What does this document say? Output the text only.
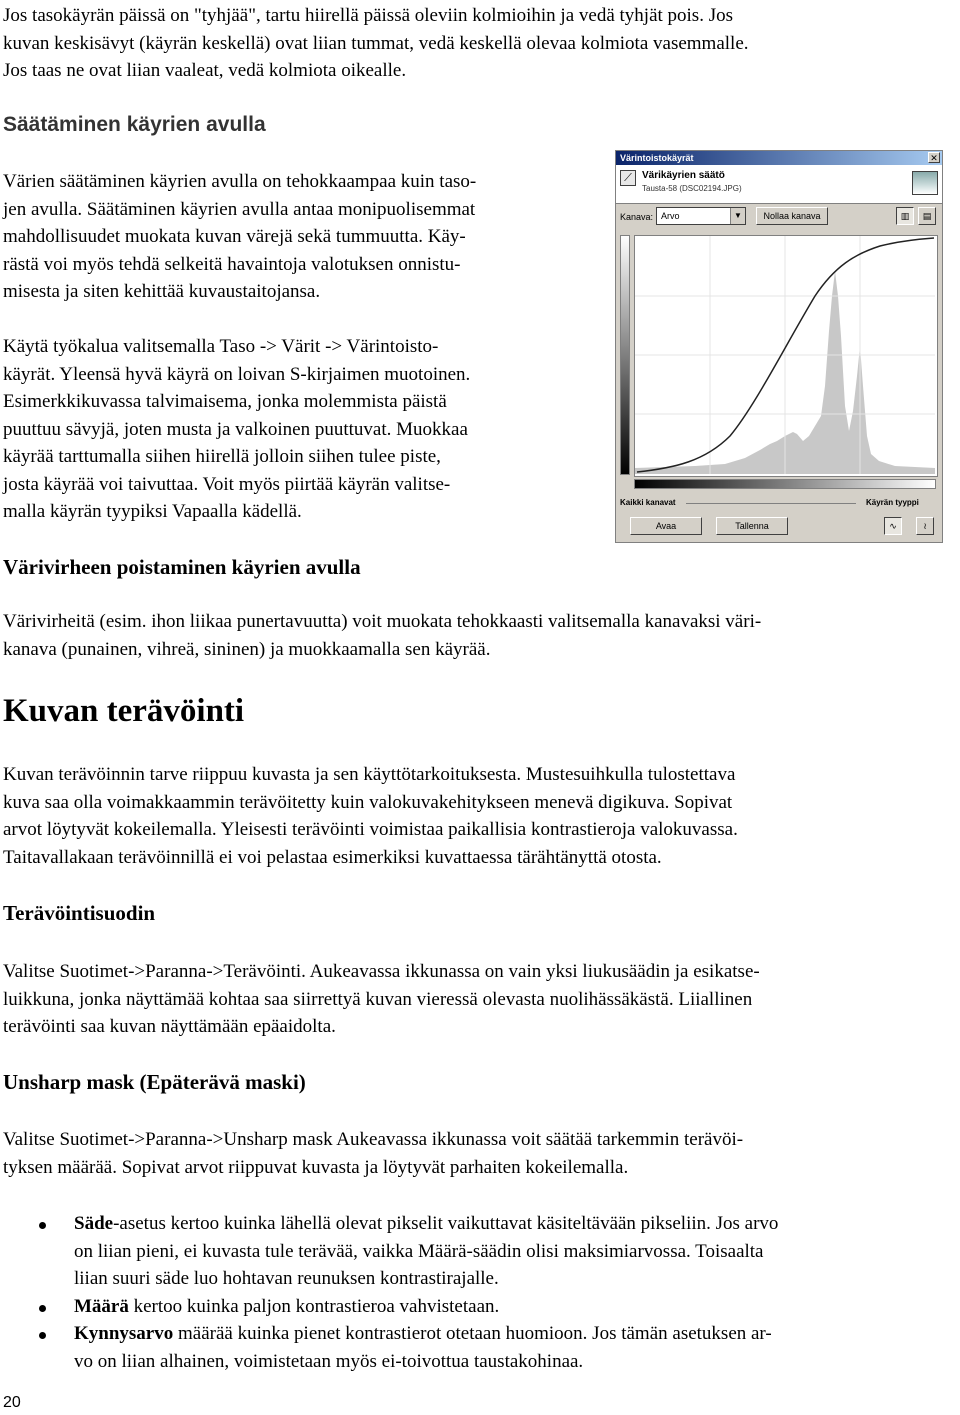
Jos tasokäyrän päissä on "tyhjää", tartu hiirellä päissä oleviin kolmioihin ja vedä tyhjät pois. Jos
kuvan keskisävyt (käyrän keskellä) ovat liian tummat, vedä keskellä olevaa kolmiota vasemmalle.
Jos taas ne ovat liian vaaleat, vedä kolmiota oikealle.
Säätäminen käyrien avulla
Värien säätäminen käyrien avulla on tehokkaampaa kuin taso-
jen avulla. Säätäminen käyrien avulla antaa monipuolisemmat
mahdollisuudet muokata kuvan värejä sekä tummuutta. Käy-
rästä voi myös tehdä selkeitä havaintoja valotuksen onnistu-
misesta ja siten kehittää kuvaustaitojansa.
Käytä työkalua valitsemalla Taso -> Värit -> Värintoisto-
käyrät. Yleensä hyvä käyrä on loivan S-kirjaimen muotoinen.
Esimerkkikuvassa talvimaisema, jonka molemmista päistä
puuttuu sävyjä, joten musta ja valkoinen puuttuvat. Muokkaa
käyrää tarttumalla siihen hiirellä jolloin siihen tulee piste,
josta käyrää voi taivuttaa. Voit myös piirtää käyrän valitse-
malla käyrän tyypiksi Vapaalla kädellä.
Värivirheen poistaminen käyrien avulla
Värivirheitä (esim. ihon liikaa punertavuutta) voit muokata tehokkaasti valitsemalla kanavaksi väri-
kanava (punainen, vihreä, sininen) ja muokkaamalla sen käyrää.
Kuvan terävöinti
Kuvan terävöinnin tarve riippuu kuvasta ja sen käyttötarkoituksesta. Mustesuihkulla tulostettava
kuva saa olla voimakkaammin terävöitetty kuin valokuvakehitykseen menevä digikuva. Sopivat
arvot löytyvät kokeilemalla. Yleisesti terävöinti voimistaa paikallisia kontrastieroja valokuvassa.
Taitavallakaan terävöinnillä ei voi pelastaa esimerkiksi kuvattaessa tärähtänyttä otosta.
Terävöintisuodin
Valitse Suotimet->Paranna->Terävöinti. Aukeavassa ikkunassa on vain yksi liukusäädin ja esikatse-
luikkuna, jonka näyttämää kohtaa saa siirrettyä kuvan vieressä olevasta nuolihässäkästä. Liiallinen
terävöinti saa kuvan näyttämään epäaidolta.
Unsharp mask (Epäterävä maski)
Valitse Suotimet->Paranna->Unsharp mask Aukeavassa ikkunassa voit säätää tarkemmin terävöi-
tyksen määrää. Sopivat arvot riippuvat kuvasta ja löytyvät parhaiten kokeilemalla.
Säde-asetus kertoo kuinka lähellä olevat pikselit vaikuttavat käsiteltävään pikseliin. Jos arvo
on liian pieni, ei kuvasta tule terävää, vaikka Määrä-säädin olisi maksimiarvossa. Toisaalta
liian suuri säde luo hohtavan reunuksen kontrastirajalle.
Määrä kertoo kuinka paljon kontrastieroa vahvistetaan.
Kynnysarvo määrää kuinka pienet kontrastierot otetaan huomioon. Jos tämän asetuksen ar-
vo on liian alhainen, voimistetaan myös ei-toivottua taustakohinaa.
Värintoistokäyrät	✕
⟋	Värikäyrien säätö
Tausta-58 (DSC02194.JPG)
Kanava: Arvo	▼	Nollaa kanava	▥	▤
Kaikki kanavat	Käyrän tyyppi
Avaa	Tallenna	∿	≀
20
